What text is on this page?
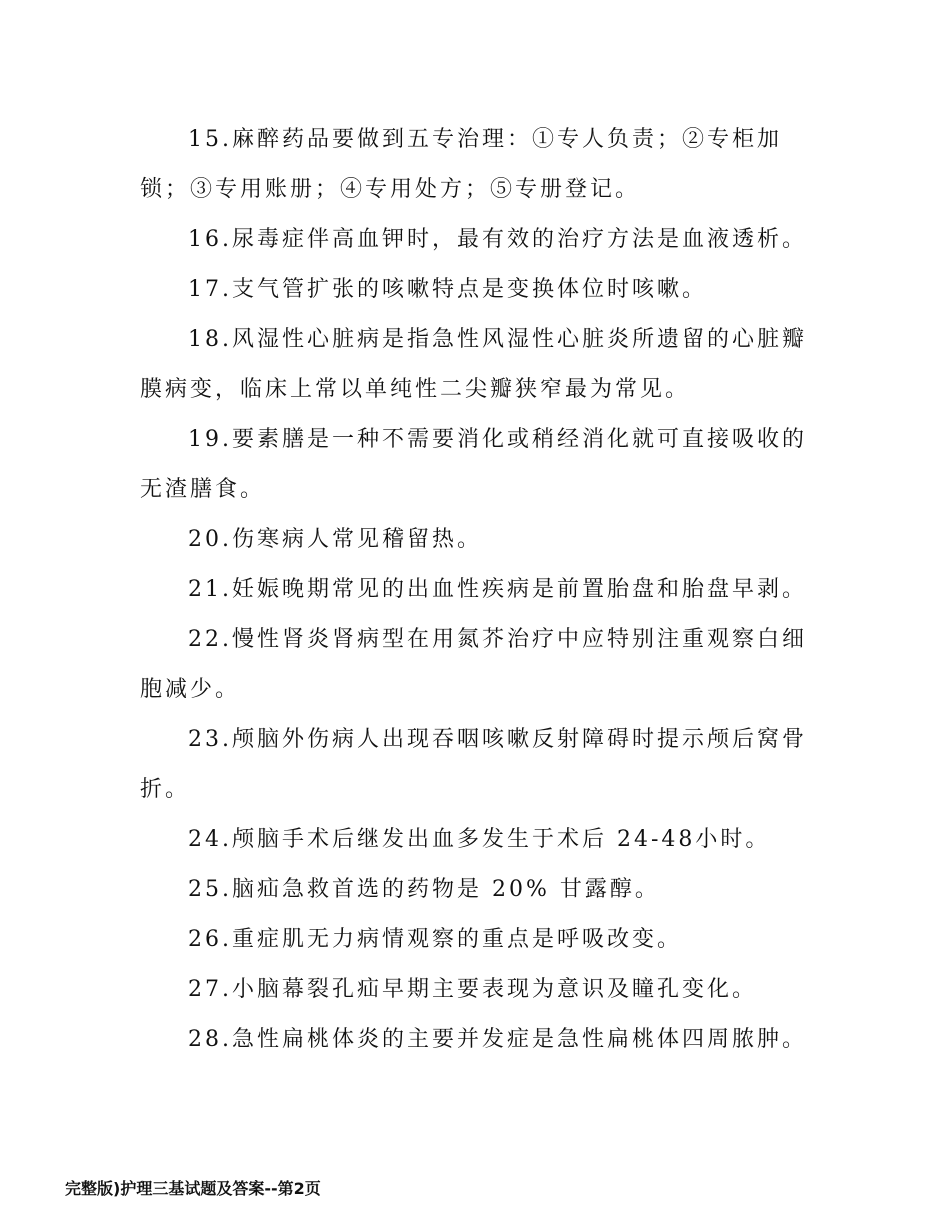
15.麻醉药品要做到五专治理：①专人负责；②专柜加锁；③专用账册；④专用处方；⑤专册登记。

16.尿毒症伴高血钾时，最有效的治疗方法是血液透析。

17.支气管扩张的咳嗽特点是变换体位时咳嗽。

18.风湿性心脏病是指急性风湿性心脏炎所遗留的心脏瓣膜病变，临床上常以单纯性二尖瓣狭窄最为常见。

19.要素膳是一种不需要消化或稍经消化就可直接吸收的无渣膳食。

20.伤寒病人常见稽留热。

21.妊娠晚期常见的出血性疾病是前置胎盘和胎盘早剥。

22.慢性肾炎肾病型在用氮芥治疗中应特别注重观察白细胞减少。

23.颅脑外伤病人出现吞咽咳嗽反射障碍时提示颅后窝骨折。

24.颅脑手术后继发出血多发生于术后 24-48小时。

25.脑疝急救首选的药物是 20% 甘露醇。

26.重症肌无力病情观察的重点是呼吸改变。

27.小脑幕裂孔疝早期主要表现为意识及瞳孔变化。

28.急性扁桃体炎的主要并发症是急性扁桃体四周脓肿。

完整版)护理三基试题及答案--第2页
